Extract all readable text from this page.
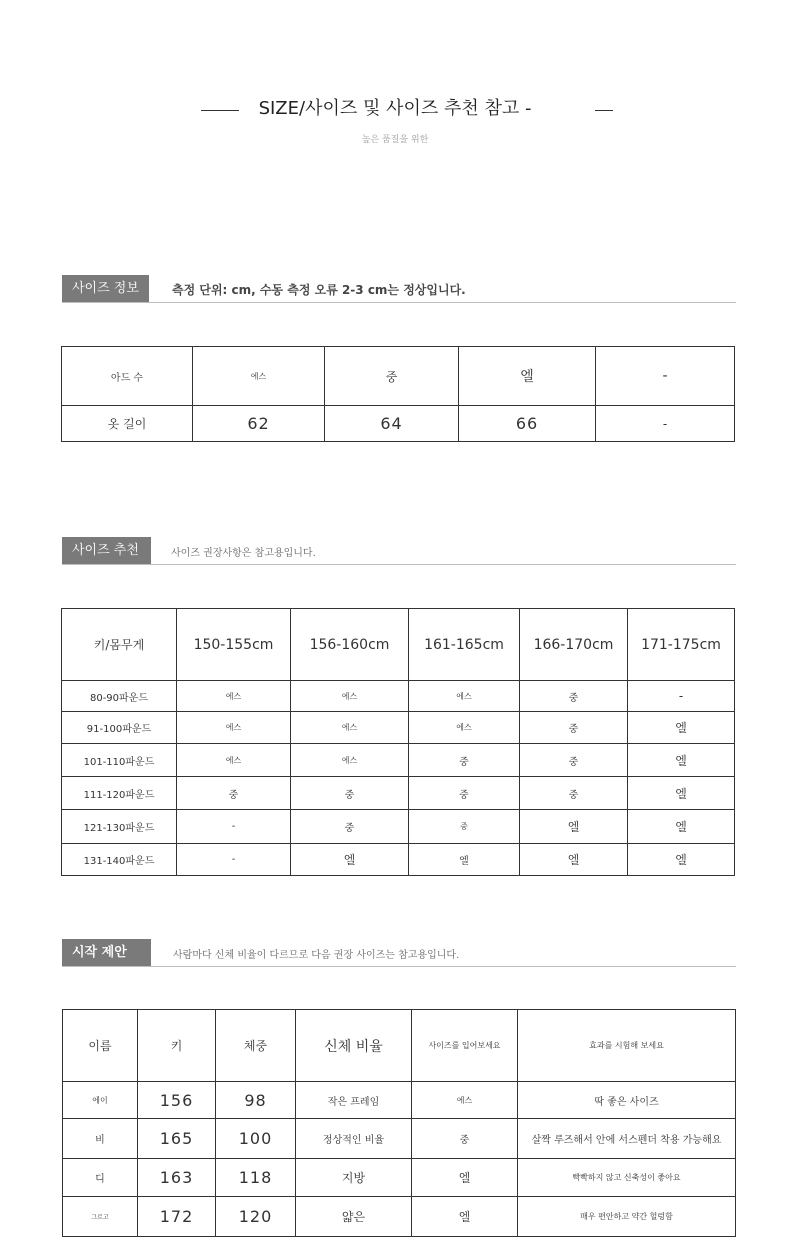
SIZE/사이즈 및 사이즈 추천 참고 -
높은 품질을 위한
사이즈 정보	측정 단위: cm, 수동 측정 오류 2-3 cm는 정상입니다.
아드 수	에스	중	엘	-
옷 길이	62	64	66	-
사이즈 추천	사이즈 권장사항은 참고용입니다.
키/몸무게	150-155cm	156-160cm	161-165cm	166-170cm	171-175cm
80-90파운드	에스	에스	에스	중	-
91-100파운드	에스	에스	에스	중	엘
101-110파운드	에스	에스	중	중	엘
111-120파운드	중	중	중	중	엘
121-130파운드	-	중	중	엘	엘
131-140파운드	-	엘	엘	엘	엘
시작 제안	사람마다 신체 비율이 다르므로 다음 권장 사이즈는 참고용입니다.
이름	키	체중	신체 비율	사이즈를 입어보세요	효과를 시험해 보세요
에이	156	98	작은 프레임	에스	딱 좋은 사이즈
비	165	100	정상적인 비율	중	살짝 루즈해서 안에 서스펜더 착용 가능해요
디	163	118	지방	엘	빡빡하지 않고 신축성이 좋아요
그르고	172	120	얇은	엘	매우 편안하고 약간 헐렁함
